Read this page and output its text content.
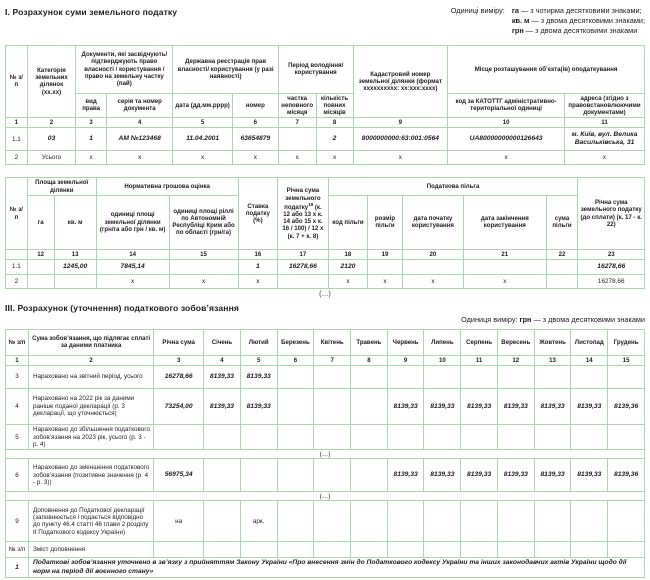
І. Розрахунок суми земельного податку	Одиниці виміру: га — з чотирма десятковими знаками;
кв. м — з двома десятковими знаками;
грн — з двома десятковими знаками
№ з/п	Категорія земельних ділянок (хх.хх)	Документи, які засвідчують/ підтверджують право власності / користування / право на земельну частку (пай)		Державна реєстрація прав власності/ користування (у разі наявності)		Період володіння/ користування		Кадастровий номер земельної ділянки (формат хххххххххх: хх:ххх:хххх)	Місце розташування об’єкта(ів) оподаткування	
		вид права	серія та номер документа	дата (дд.мм.рррр)	номер	частка неповного місяця	кількість повних місяців		код за КАТОТТГ адміністративно- територіальної одиниці	адреса (згідно з правовстановлюючими документами)
1	2	3	4	5	6	7	8	9	10	11
1.1	03	1	АМ №123468	11.04.2001	63654879		2	8000000000:63:001:0564	UA80000000000126643	м. Київ, вул. Велика Васильківська, 31
2	Усього	х	х	х	х	х	х	х	х	х
№ з/п	Площа земельної ділянки		Нормативна грошова оцінка		Ставка податку (%)	Річна сума земельного податку$^{18}$ (к. 12 або 13 х к. 14 або 15 х к. 16 / 100) / 12 х (к. 7 + к. 8)	Податкова пільга					Річна сума земельного податку (до сплати) (к. 17 - к. 22)
	га	кв. м	одиниці площі земельної ділянки (грн/га або грн / кв. м)	одиниці площі ріллі по Автономній Республіці Крим або по області (грн/га)			код пільги	розмір пільги	дата початку користування	дата закінчення користування	сума пільги	
	12	13	14	15	16	17	18	19	20	21	22	23
1.1		1245,00	7845,14		1	16278,66	2120					16278,66
2			х	х	х		х	х	х	х		16278,66
(…)
ІІІ. Розрахунок (уточнення) податкового зобов’язання
Одиниця виміру: грн — з двома десятковими знаками
№ з/п	Сума зобов’язання, що підлягає сплаті за даними платника	Річна сума	Січень	Лютий	Березень	Квітень	Травень	Червень	Липень	Серпень	Вересень	Жовтень	Листопад	Грудень
1	2	3	4	5	6	7	8	9	10	11	12	13	14	15
3	Нараховано на звітний період, усього	16278,66	8139,33	8139,33										
4	Нараховано на 2022 рік за даними раніше поданої декларації (р. 3 декларації, що уточнюється)	73254,00	8139,33	8139,33				8139,33	8139,33	8139,33	8139,33	8139,33	8139,33	8139,36
5	Нараховано до збільшення податкового зобов’язання на 2023 рік, усього (р. 3 - р. 4)													
(…)														
6	Нараховано до зменшення податкового зобов’язання (позитивне значення (р. 4 - р. 3))	56975,34						8139,33	8139,33	8139,33	8139,33	8139,33	8139,33	8139,36
(…)														
9	Доповнення до Податкової декларації (заповнюється і подається відповідно до пункту 46.4 статті 46 глави 2 розділу ІІ Податкового кодексу України)	на		арк.										
№ з/п	Зміст доповнення													
1	Податкові зобов’язання уточнено в зв’язку з прийняттям Закону України «Про внесення змін до Податкового кодексу України та інших законодавчих актів України щодо дії норм на період дії воєнного стану»													
